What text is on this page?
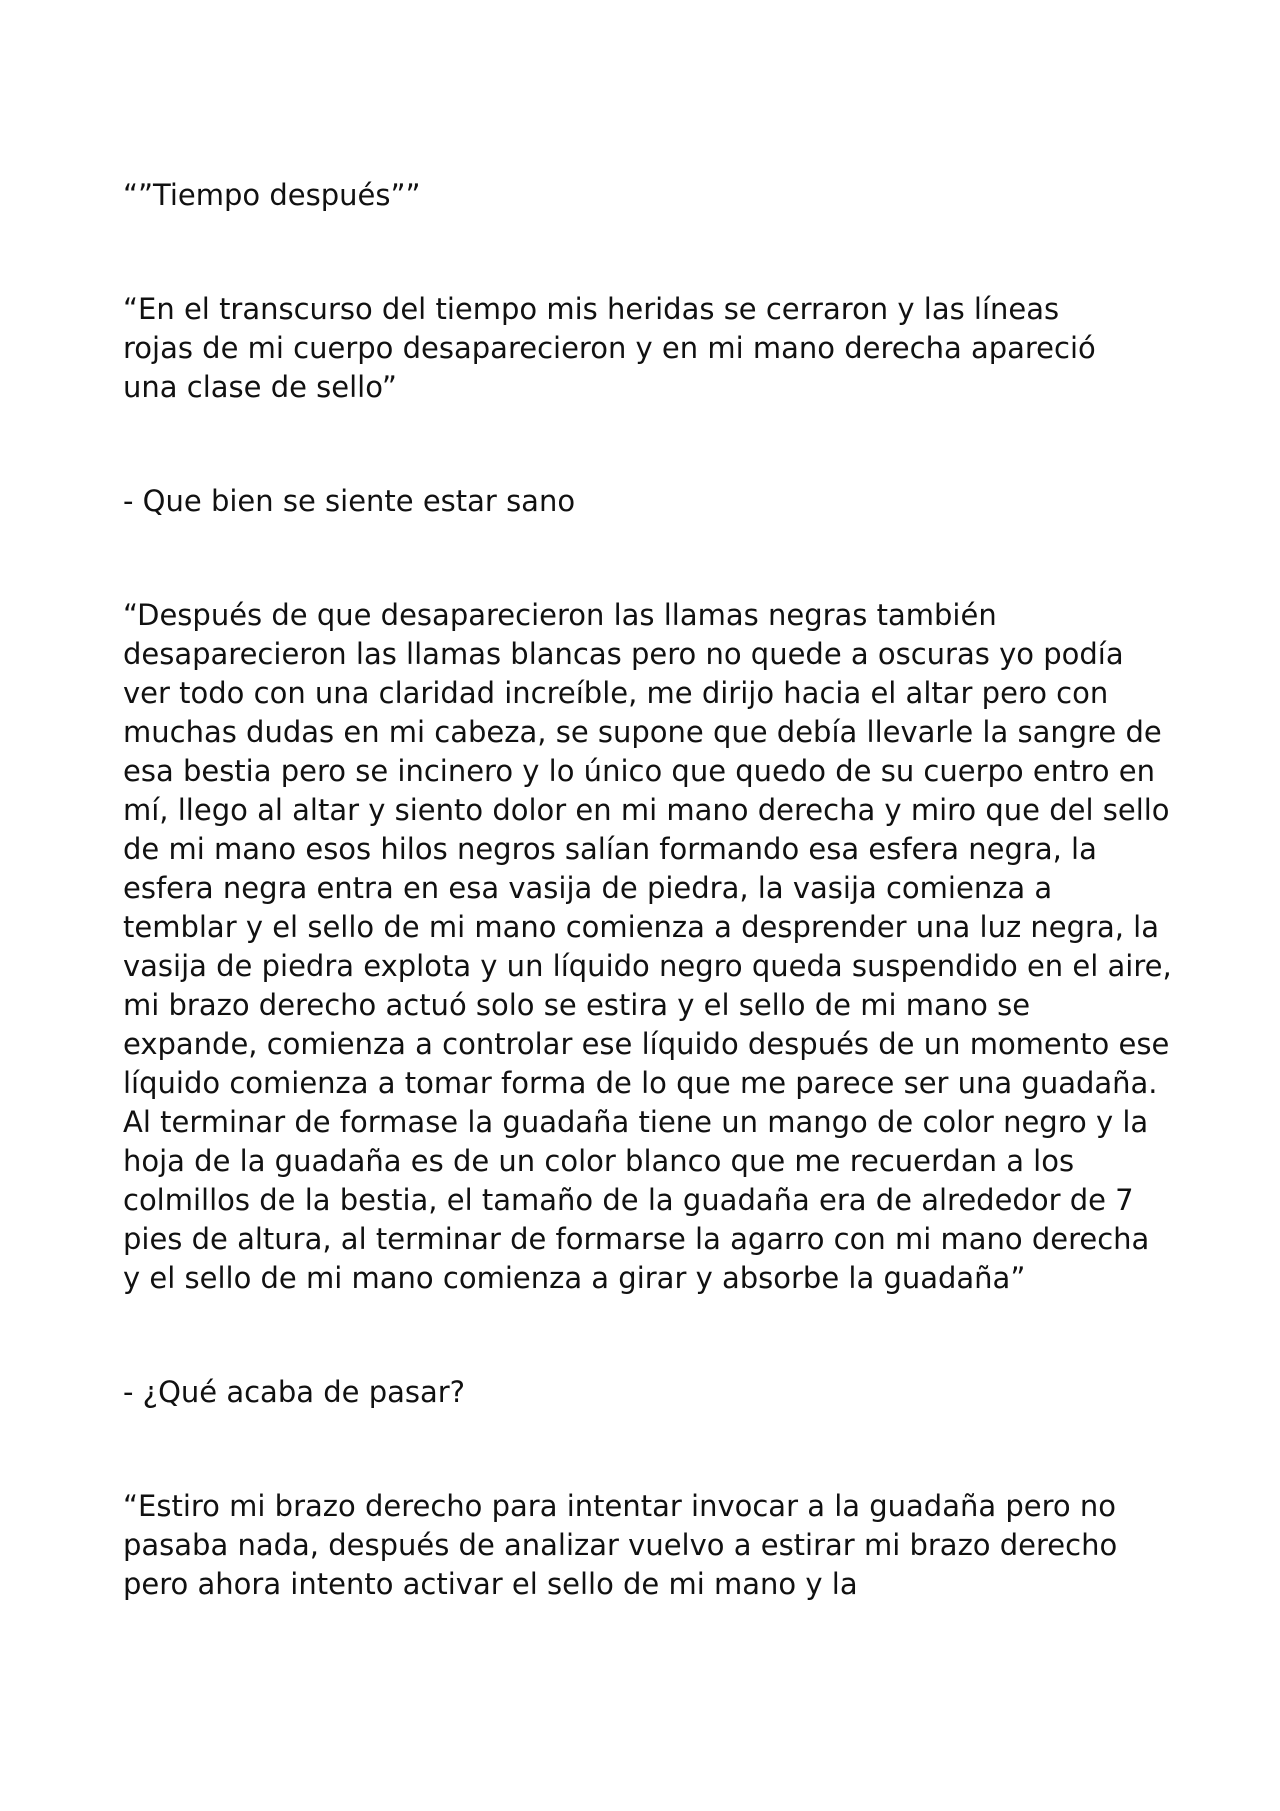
“”Tiempo después””

“En el transcurso del tiempo mis heridas se cerraron y las líneas rojas de mi cuerpo desaparecieron y en mi mano derecha apareció una clase de sello”

- Que bien se siente estar sano

“Después de que desaparecieron las llamas negras también desaparecieron las llamas blancas pero no quede a oscuras yo podía ver todo con una claridad increíble, me dirijo hacia el altar pero con muchas dudas en mi cabeza, se supone que debía llevarle la sangre de esa bestia pero se incinero y lo único que quedo de su cuerpo entro en mí, llego al altar y siento dolor en mi mano derecha y miro que del sello de mi mano esos hilos negros salían formando esa esfera negra, la esfera negra entra en esa vasija de piedra, la vasija comienza a temblar y el sello de mi mano comienza a desprender una luz negra, la vasija de piedra explota y un líquido negro queda suspendido en el aire, mi brazo derecho actuó solo se estira y el sello de mi mano se expande, comienza a controlar ese líquido después de un momento ese líquido comienza a tomar forma de lo que me parece ser una guadaña. Al terminar de formase la guadaña tiene un mango de color negro y la hoja de la guadaña es de un color blanco que me recuerdan a los colmillos de la bestia, el tamaño de la guadaña era de alrededor de 7 pies de altura, al terminar de formarse la agarro con mi mano derecha y el sello de mi mano comienza a girar y absorbe la guadaña”

- ¿Qué acaba de pasar?

“Estiro mi brazo derecho para intentar invocar a la guadaña pero no pasaba nada, después de analizar vuelvo a estirar mi brazo derecho pero ahora intento activar el sello de mi mano y la
